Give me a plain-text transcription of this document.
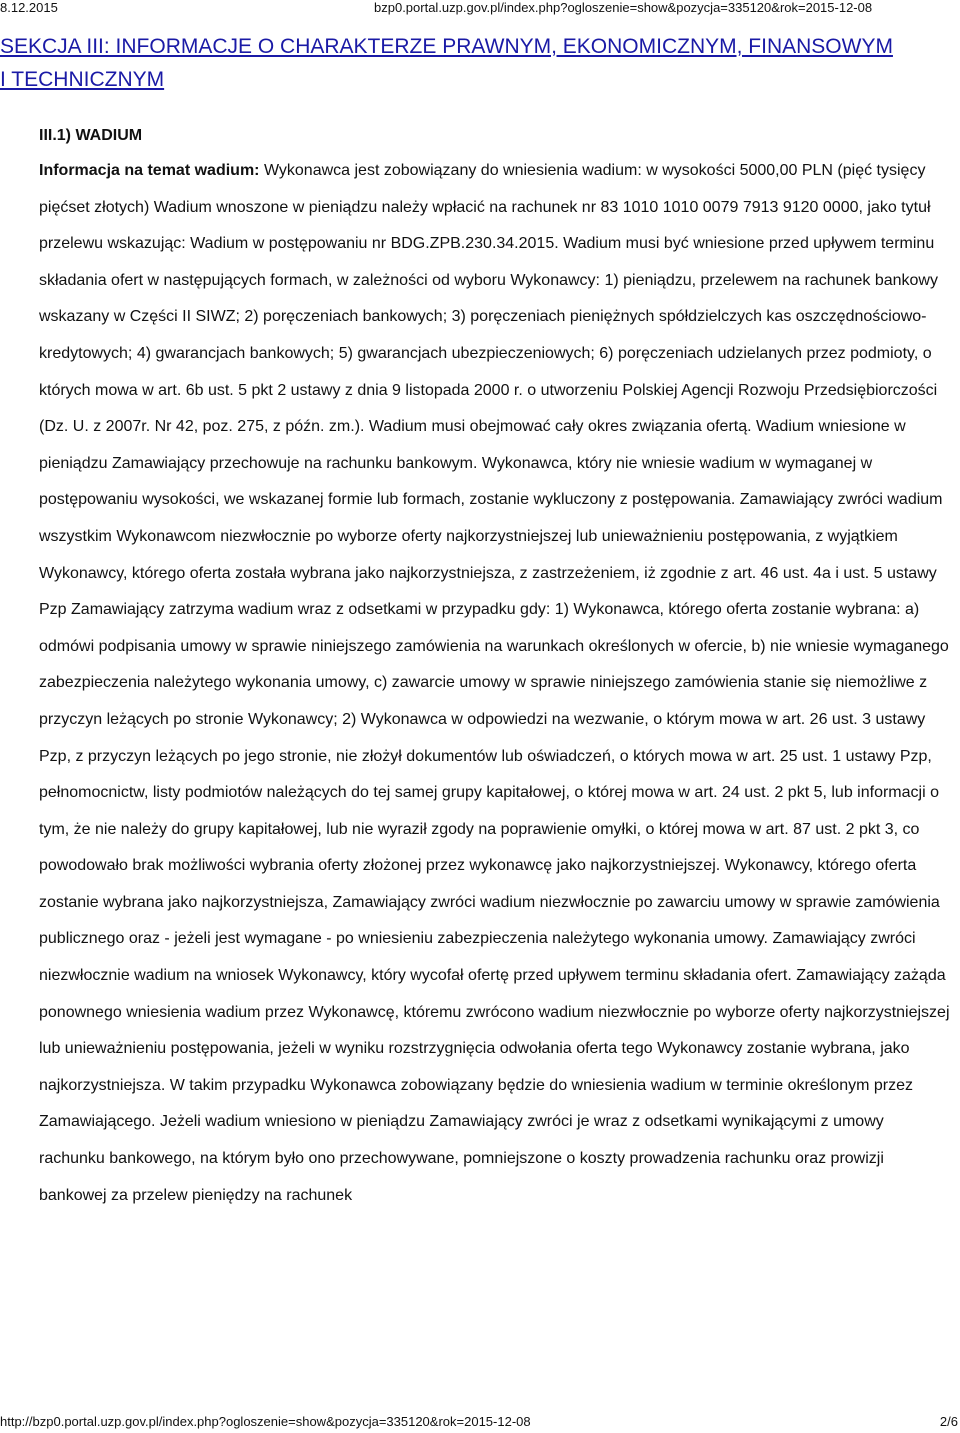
8.12.2015	bzp0.portal.uzp.gov.pl/index.php?ogloszenie=show&pozycja=335120&rok=2015-12-08
SEKCJA III: INFORMACJE O CHARAKTERZE PRAWNYM, EKONOMICZNYM, FINANSOWYM I TECHNICZNYM
III.1) WADIUM

Informacja na temat wadium: Wykonawca jest zobowiązany do wniesienia wadium: w wysokości 5000,00 PLN (pięć tysięcy pięćset złotych) Wadium wnoszone w pieniądzu należy wpłacić na rachunek nr 83 1010 1010 0079 7913 9120 0000, jako tytuł przelewu wskazując: Wadium w postępowaniu nr BDG.ZPB.230.34.2015. Wadium musi być wniesione przed upływem terminu składania ofert w następujących formach, w zależności od wyboru Wykonawcy: 1) pieniądzu, przelewem na rachunek bankowy wskazany w Części II SIWZ; 2) poręczeniach bankowych; 3) poręczeniach pieniężnych spółdzielczych kas oszczędnościowo-kredytowych; 4) gwarancjach bankowych; 5) gwarancjach ubezpieczeniowych; 6) poręczeniach udzielanych przez podmioty, o których mowa w art. 6b ust. 5 pkt 2 ustawy z dnia 9 listopada 2000 r. o utworzeniu Polskiej Agencji Rozwoju Przedsiębiorczości (Dz. U. z 2007r. Nr 42, poz. 275, z późn. zm.). Wadium musi obejmować cały okres związania ofertą. Wadium wniesione w pieniądzu Zamawiający przechowuje na rachunku bankowym. Wykonawca, który nie wniesie wadium w wymaganej w postępowaniu wysokości, we wskazanej formie lub formach, zostanie wykluczony z postępowania. Zamawiający zwróci wadium wszystkim Wykonawcom niezwłocznie po wyborze oferty najkorzystniejszej lub unieważnieniu postępowania, z wyjątkiem Wykonawcy, którego oferta została wybrana jako najkorzystniejsza, z zastrzeżeniem, iż zgodnie z art. 46 ust. 4a i ust. 5 ustawy Pzp Zamawiający zatrzyma wadium wraz z odsetkami w przypadku gdy: 1) Wykonawca, którego oferta zostanie wybrana: a) odmówi podpisania umowy w sprawie niniejszego zamówienia na warunkach określonych w ofercie, b) nie wniesie wymaganego zabezpieczenia należytego wykonania umowy, c) zawarcie umowy w sprawie niniejszego zamówienia stanie się niemożliwe z przyczyn leżących po stronie Wykonawcy; 2) Wykonawca w odpowiedzi na wezwanie, o którym mowa w art. 26 ust. 3 ustawy Pzp, z przyczyn leżących po jego stronie, nie złożył dokumentów lub oświadczeń, o których mowa w art. 25 ust. 1 ustawy Pzp, pełnomocnictw, listy podmiotów należących do tej samej grupy kapitałowej, o której mowa w art. 24 ust. 2 pkt 5, lub informacji o tym, że nie należy do grupy kapitałowej, lub nie wyraził zgody na poprawienie omyłki, o której mowa w art. 87 ust. 2 pkt 3, co powodowało brak możliwości wybrania oferty złożonej przez wykonawcę jako najkorzystniejszej. Wykonawcy, którego oferta zostanie wybrana jako najkorzystniejsza, Zamawiający zwróci wadium niezwłocznie po zawarciu umowy w sprawie zamówienia publicznego oraz - jeżeli jest wymagane - po wniesieniu zabezpieczenia należytego wykonania umowy. Zamawiający zwróci niezwłocznie wadium na wniosek Wykonawcy, który wycofał ofertę przed upływem terminu składania ofert. Zamawiający zażąda ponownego wniesienia wadium przez Wykonawcę, któremu zwrócono wadium niezwłocznie po wyborze oferty najkorzystniejszej lub unieważnieniu postępowania, jeżeli w wyniku rozstrzygnięcia odwołania oferta tego Wykonawcy zostanie wybrana, jako najkorzystniejsza. W takim przypadku Wykonawca zobowiązany będzie do wniesienia wadium w terminie określonym przez Zamawiającego. Jeżeli wadium wniesiono w pieniądzu Zamawiający zwróci je wraz z odsetkami wynikającymi z umowy rachunku bankowego, na którym było ono przechowywane, pomniejszone o koszty prowadzenia rachunku oraz prowizji bankowej za przelew pieniędzy na rachunek

http://bzp0.portal.uzp.gov.pl/index.php?ogloszenie=show&pozycja=335120&rok=2015-12-08	2/6
